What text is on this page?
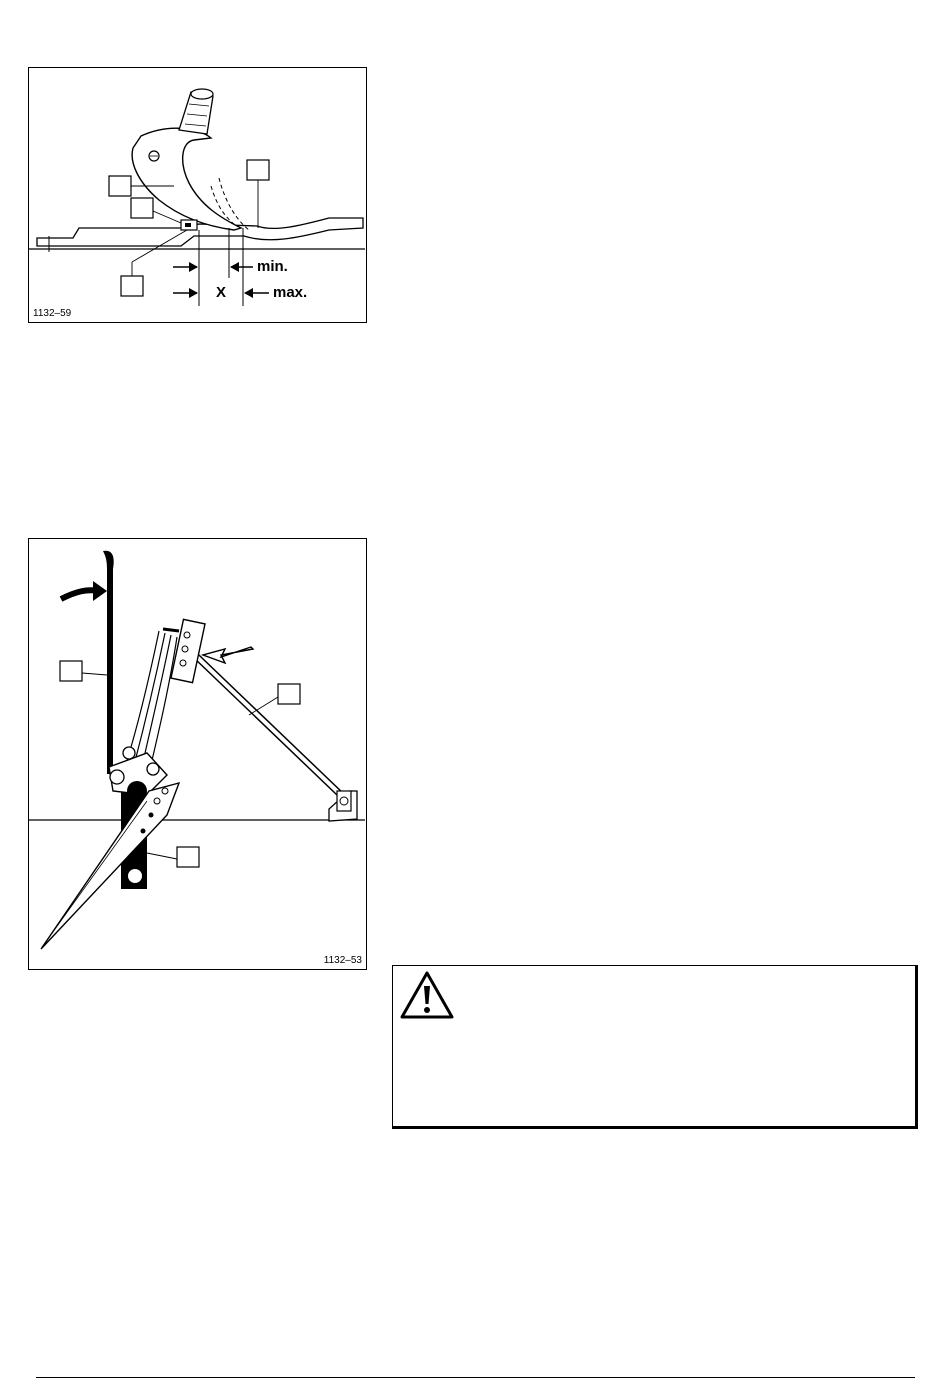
min.
X	max.
1132–59
1132–53
